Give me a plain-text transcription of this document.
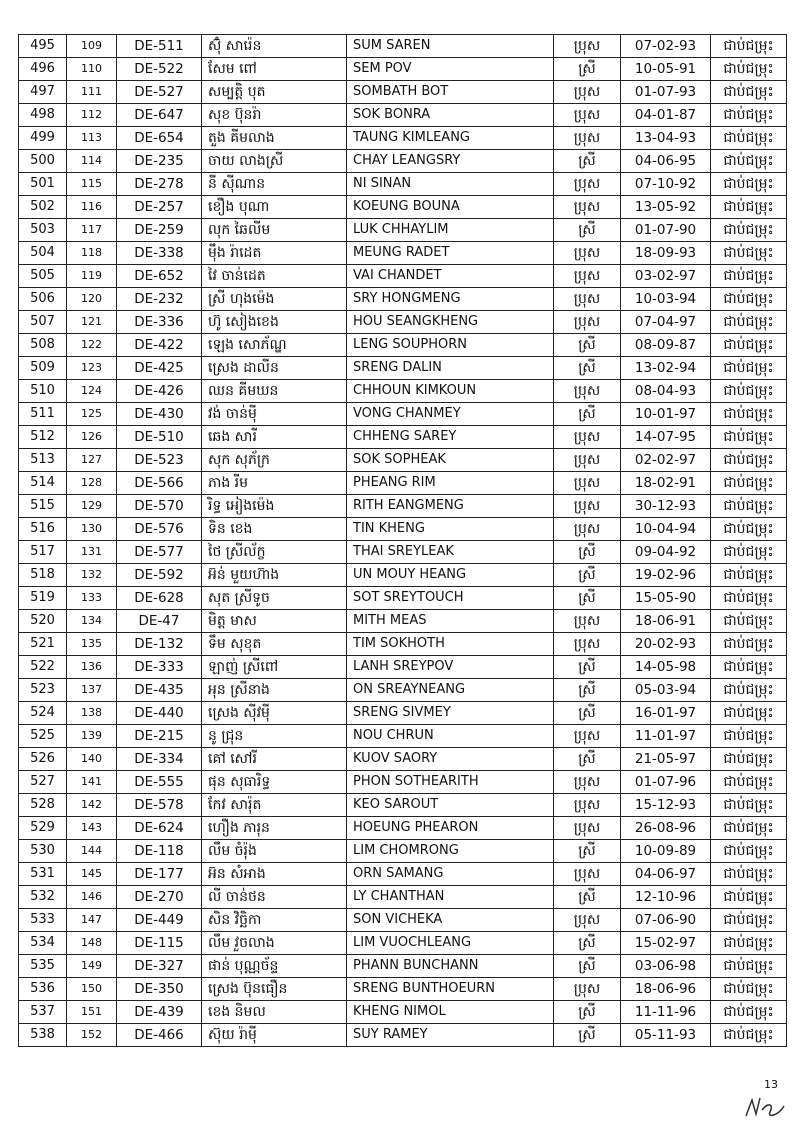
495	109	DE-511	ស៊ុំ សារ៉េន	SUM SAREN	ប្រុស	07-02-93	ជាប់ជម្រុះ
496	110	DE-522	សែម ពៅ	SEM POV	ស្រី	10-05-91	ជាប់ជម្រុះ
497	111	DE-527	សម្បត្តិ បុត	SOMBATH BOT	ប្រុស	01-07-93	ជាប់ជម្រុះ
498	112	DE-647	សុខ ប៊ុនរ៉ា	SOK BONRA	ប្រុស	04-01-87	ជាប់ជម្រុះ
499	113	DE-654	តួង គីមលាង	TAUNG KIMLEANG	ប្រុស	13-04-93	ជាប់ជម្រុះ
500	114	DE-235	ចាយ លាងស្រី	CHAY LEANGSRY	ស្រី	04-06-95	ជាប់ជម្រុះ
501	115	DE-278	នី ស៊ីណាន	NI SINAN	ប្រុស	07-10-92	ជាប់ជម្រុះ
502	116	DE-257	ខឿង បុណា	KOEUNG BOUNA	ប្រុស	13-05-92	ជាប់ជម្រុះ
503	117	DE-259	លុក ឆៃលីម	LUK CHHAYLIM	ស្រី	01-07-90	ជាប់ជម្រុះ
504	118	DE-338	ម៉ឹង រ៉ាដេត	MEUNG RADET	ប្រុស	18-09-93	ជាប់ជម្រុះ
505	119	DE-652	វៃ ចាន់ដេត	VAI CHANDET	ប្រុស	03-02-97	ជាប់ជម្រុះ
506	120	DE-232	ស្រី ហុងម៉េង	SRY HONGMENG	ប្រុស	10-03-94	ជាប់ជម្រុះ
507	121	DE-336	ហ៊ូ សៀងខេង	HOU SEANGKHENG	ប្រុស	07-04-97	ជាប់ជម្រុះ
508	122	DE-422	ឡេង សោភ័ណ្ឌ	LENG SOUPHORN	ស្រី	08-09-87	ជាប់ជម្រុះ
509	123	DE-425	ស្រេង ដាលីន	SRENG DALIN	ស្រី	13-02-94	ជាប់ជម្រុះ
510	124	DE-426	ឈន គីមឃន	CHHOUN KIMKOUN	ប្រុស	08-04-93	ជាប់ជម្រុះ
511	125	DE-430	វង់ ចាន់មុី	VONG CHANMEY	ស្រី	10-01-97	ជាប់ជម្រុះ
512	126	DE-510	ឆេង សារី	CHHENG SAREY	ប្រុស	14-07-95	ជាប់ជម្រុះ
513	127	DE-523	សុក សុភ័ក្រ	SOK SOPHEAK	ប្រុស	02-02-97	ជាប់ជម្រុះ
514	128	DE-566	ភាង រីម	PHEANG RIM	ប្រុស	18-02-91	ជាប់ជម្រុះ
515	129	DE-570	រិទ្ធ អៀងម៉េង	RITH EANGMENG	ប្រុស	30-12-93	ជាប់ជម្រុះ
516	130	DE-576	ទិន ខេង	TIN KHENG	ប្រុស	10-04-94	ជាប់ជម្រុះ
517	131	DE-577	ថៃ ស្រីល័ក្ខ	THAI SREYLEAK	ស្រី	09-04-92	ជាប់ជម្រុះ
518	132	DE-592	អ៊ន់ មួយហ៊ាង	UN MOUY HEANG	ស្រី	19-02-96	ជាប់ជម្រុះ
519	133	DE-628	សុត ស្រីទូច	SOT SREYTOUCH	ស្រី	15-05-90	ជាប់ជម្រុះ
520	134	DE-47	មិត្ត មាស	MITH MEAS	ប្រុស	18-06-91	ជាប់ជម្រុះ
521	135	DE-132	ទឹម សុខុត	TIM SOKHOTH	ប្រុស	20-02-93	ជាប់ជម្រុះ
522	136	DE-333	ឡាញ់ ស្រីពៅ	LANH SREYPOV	ស្រី	14-05-98	ជាប់ជម្រុះ
523	137	DE-435	អុន ស្រីនាង	ON SREAYNEANG	ស្រី	05-03-94	ជាប់ជម្រុះ
524	138	DE-440	ស្រេង ស៊ីវម៉ី	SRENG SIVMEY	ស្រី	16-01-97	ជាប់ជម្រុះ
525	139	DE-215	នូ ជ្រុន	NOU CHRUN	ប្រុស	11-01-97	ជាប់ជម្រុះ
526	140	DE-334	គៅ សៅរី	KUOV SAORY	ស្រី	21-05-97	ជាប់ជម្រុះ
527	141	DE-555	ផុន សុធារិទ្ធ	PHON SOTHEARITH	ប្រុស	01-07-96	ជាប់ជម្រុះ
528	142	DE-578	កែវ សារ៉ុត	KEO SAROUT	ប្រុស	15-12-93	ជាប់ជម្រុះ
529	143	DE-624	ហឿង ភារុន	HOEUNG PHEARON	ប្រុស	26-08-96	ជាប់ជម្រុះ
530	144	DE-118	លឹម ចំរ៉ុង	LIM CHOMRONG	ស្រី	10-09-89	ជាប់ជម្រុះ
531	145	DE-177	អ៊ន សំអាង	ORN SAMANG	ប្រុស	04-06-97	ជាប់ជម្រុះ
532	146	DE-270	លី ចាន់ថន	LY CHANTHAN	ស្រី	12-10-96	ជាប់ជម្រុះ
533	147	DE-449	សិន វិច្ឆិកា	SON VICHEKA	ប្រុស	07-06-90	ជាប់ជម្រុះ
534	148	DE-115	លឹម វួចលាង	LIM VUOCHLEANG	ស្រី	15-02-97	ជាប់ជម្រុះ
535	149	DE-327	ផាន់ បុណ្ណច័ន្ទ	PHANN BUNCHANN	ស្រី	03-06-98	ជាប់ជម្រុះ
536	150	DE-350	ស្រេង ប៊ុនធឿន	SRENG BUNTHOEURN	ប្រុស	18-06-96	ជាប់ជម្រុះ
537	151	DE-439	ខេង និមល	KHENG NIMOL	ស្រី	11-11-96	ជាប់ជម្រុះ
538	152	DE-466	ស៊ុយ រ៉ាមុី	SUY RAMEY	ស្រី	05-11-93	ជាប់ជម្រុះ
13
